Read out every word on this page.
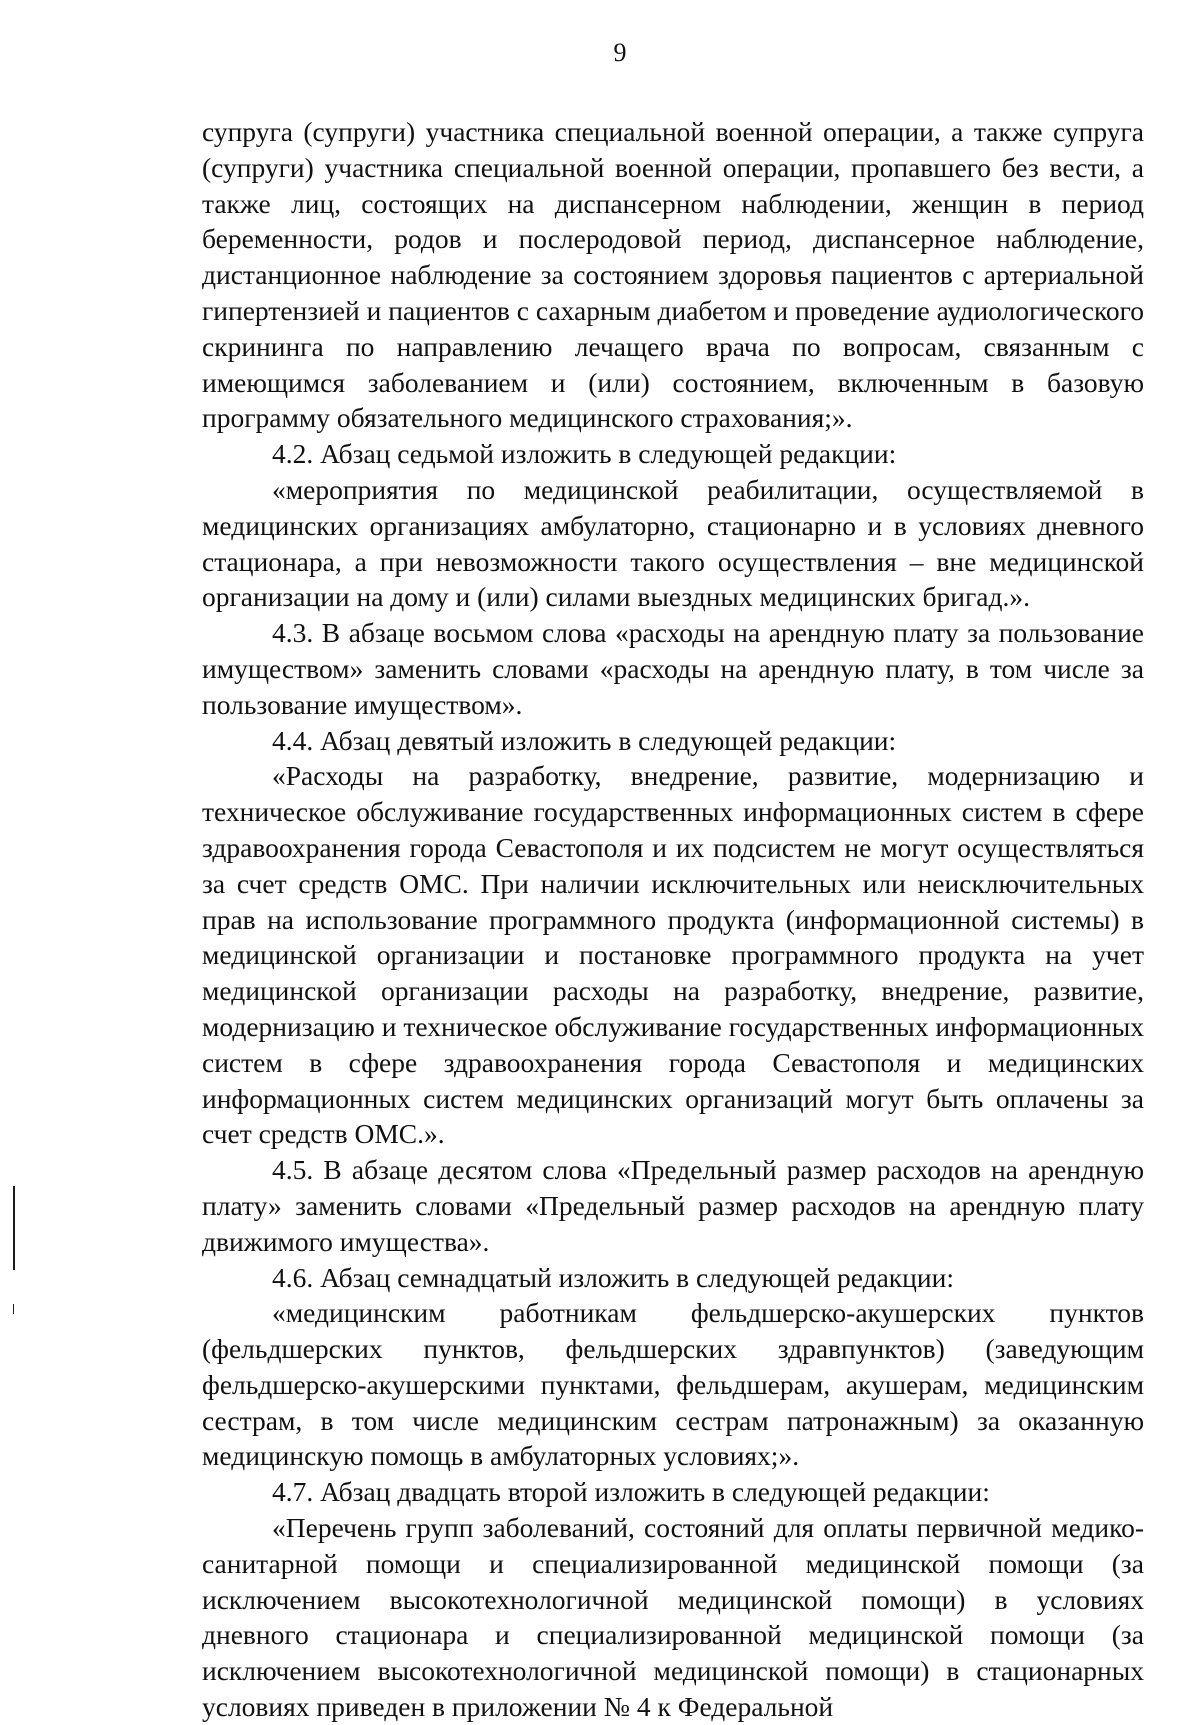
9

супруга (супруги) участника специальной военной операции, а также супруга (супруги) участника специальной военной операции, пропавшего без вести, а также лиц, состоящих на диспансерном наблюдении, женщин в период беременности, родов и послеродовой период, диспансерное наблюдение, дистанционное наблюдение за состоянием здоровья пациентов с артериальной гипертензией и пациентов с сахарным диабетом и проведение аудиологического скрининга по направлению лечащего врача по вопросам, связанным с имеющимся заболеванием и (или) состоянием, включенным в базовую программу обязательного медицинского страхования;».

4.2. Абзац седьмой изложить в следующей редакции:

«мероприятия по медицинской реабилитации, осуществляемой в медицинских организациях амбулаторно, стационарно и в условиях дневного стационара, а при невозможности такого осуществления – вне медицинской организации на дому и (или) силами выездных медицинских бригад.».

4.3. В абзаце восьмом слова «расходы на арендную плату за пользование имуществом» заменить словами «расходы на арендную плату, в том числе за пользование имуществом».

4.4. Абзац девятый изложить в следующей редакции:

«Расходы на разработку, внедрение, развитие, модернизацию и техническое обслуживание государственных информационных систем в сфере здравоохранения города Севастополя и их подсистем не могут осуществляться за счет средств ОМС. При наличии исключительных или неисключительных прав на использование программного продукта (информационной системы) в медицинской организации и постановке программного продукта на учет медицинской организации расходы на разработку, внедрение, развитие, модернизацию и техническое обслуживание государственных информационных систем в сфере здравоохранения города Севастополя и медицинских информационных систем медицинских организаций могут быть оплачены за счет средств ОМС.».

4.5. В абзаце десятом слова «Предельный размер расходов на арендную плату» заменить словами «Предельный размер расходов на арендную плату движимого имущества».

4.6. Абзац семнадцатый изложить в следующей редакции:

«медицинским работникам фельдшерско-акушерских пунктов (фельдшерских пунктов, фельдшерских здравпунктов) (заведующим фельдшерско-акушерскими пунктами, фельдшерам, акушерам, медицинским сестрам, в том числе медицинским сестрам патронажным) за оказанную медицинскую помощь в амбулаторных условиях;».

4.7. Абзац двадцать второй изложить в следующей редакции:

«Перечень групп заболеваний, состояний для оплаты первичной медико-санитарной помощи и специализированной медицинской помощи (за исключением высокотехнологичной медицинской помощи) в условиях дневного стационара и специализированной медицинской помощи (за исключением высокотехнологичной медицинской помощи) в стационарных условиях приведен в приложении № 4 к Федеральной
